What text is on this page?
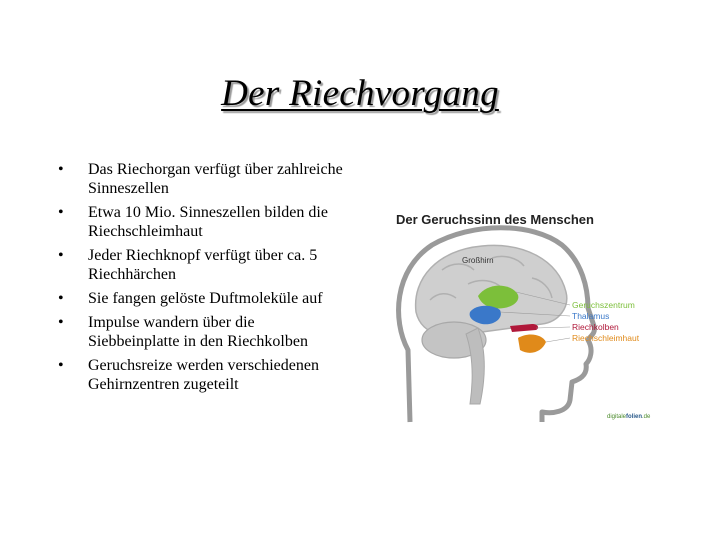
Der Riechvorgang
• Das Riechorgan verfügt über zahlreiche Sinneszellen
• Etwa 10 Mio. Sinneszellen bilden die Riechschleimhaut
• Jeder Riechknopf verfügt über ca. 5 Riechhärchen
• Sie fangen gelöste Duftmoleküle auf
• Impulse wandern über die Siebbeinplatte in den Riechkolben
• Geruchsreize werden verschiedenen Gehirnzentren zugeteilt
Der Geruchssinn des Menschen
Großhirn
Geruchszentrum
Thalamus
Riechkolben
Riechschleimhaut
digitalefolien.de
